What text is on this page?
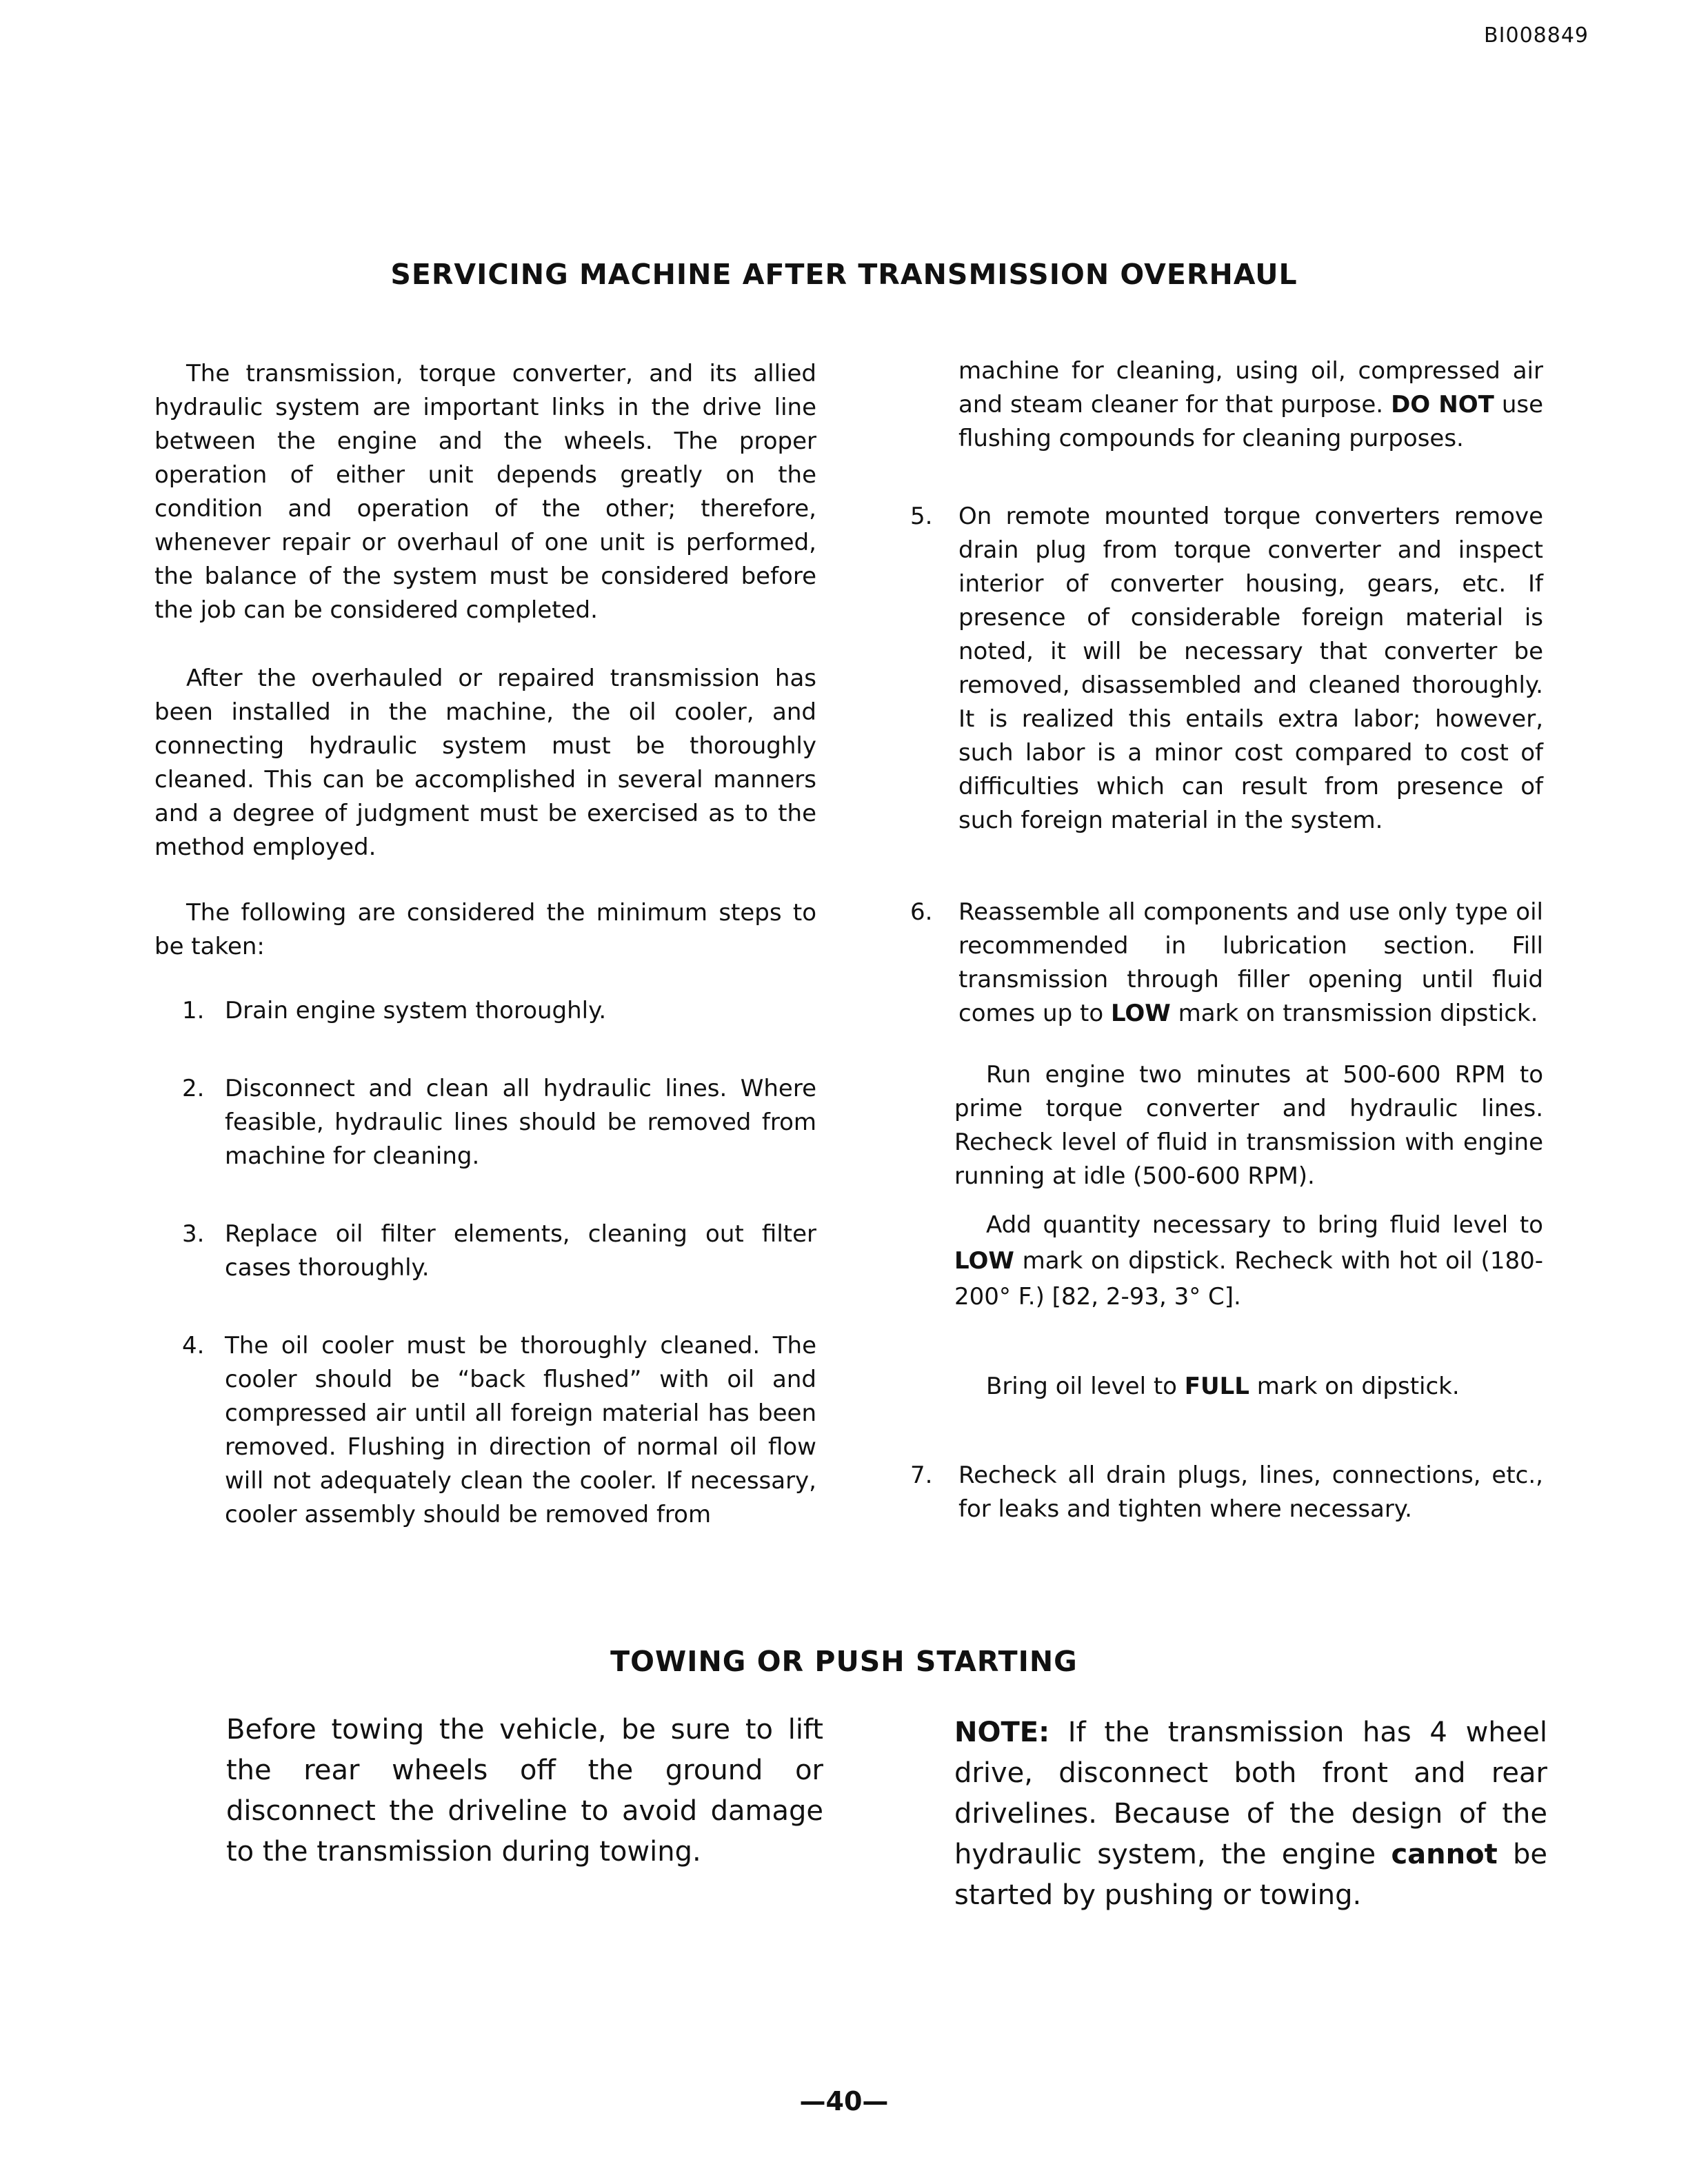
BI008849
SERVICING MACHINE AFTER TRANSMISSION OVERHAUL

The transmission, torque converter, and its allied hydraulic system are important links in the drive line between the engine and the wheels. The proper operation of either unit depends greatly on the condition and operation of the other; therefore, whenever repair or overhaul of one unit is performed, the balance of the system must be considered before the job can be considered completed.

After the overhauled or repaired transmission has been installed in the machine, the oil cooler, and connecting hydraulic system must be thoroughly cleaned. This can be accomplished in several manners and a degree of judgment must be exercised as to the method employed.

The following are considered the minimum steps to be taken:

1. Drain engine system thoroughly.
2. Disconnect and clean all hydraulic lines. Where feasible, hydraulic lines should be removed from machine for cleaning.
3. Replace oil filter elements, cleaning out filter cases thoroughly.
4. The oil cooler must be thoroughly cleaned. The cooler should be “back flushed” with oil and compressed air until all foreign material has been removed. Flushing in direction of normal oil flow will not adequately clean the cooler. If necessary, cooler assembly should be removed from

machine for cleaning, using oil, compressed air and steam cleaner for that purpose. DO NOT use flushing compounds for cleaning purposes.

5.	On remote mounted torque converters remove drain plug from torque converter and inspect interior of converter housing, gears, etc. If presence of considerable foreign material is noted, it will be necessary that converter be removed, disassembled and cleaned thoroughly. It is realized this entails extra labor; however, such labor is a minor cost compared to cost of difficulties which can result from presence of such foreign material in the system.
6.	Reassemble all components and use only type oil recommended in lubrication section. Fill transmission through filler opening until fluid comes up to LOW mark on transmission dipstick.

Run engine two minutes at 500-600 RPM to prime torque converter and hydraulic lines. Recheck level of fluid in transmission with engine running at idle (500-600 RPM).

Add quantity necessary to bring fluid level to LOW mark on dipstick. Recheck with hot oil (180-200° F.) [82, 2-93, 3° C].

Bring oil level to FULL mark on dipstick.

7.	Recheck all drain plugs, lines, connections, etc., for leaks and tighten where necessary.
TOWING OR PUSH STARTING

Before towing the vehicle, be sure to lift the rear wheels off the ground or disconnect the driveline to avoid damage to the transmission during towing.

NOTE: If the transmission has 4 wheel drive, disconnect both front and rear drivelines. Because of the design of the hydraulic system, the engine cannot be started by pushing or towing.

—40—
